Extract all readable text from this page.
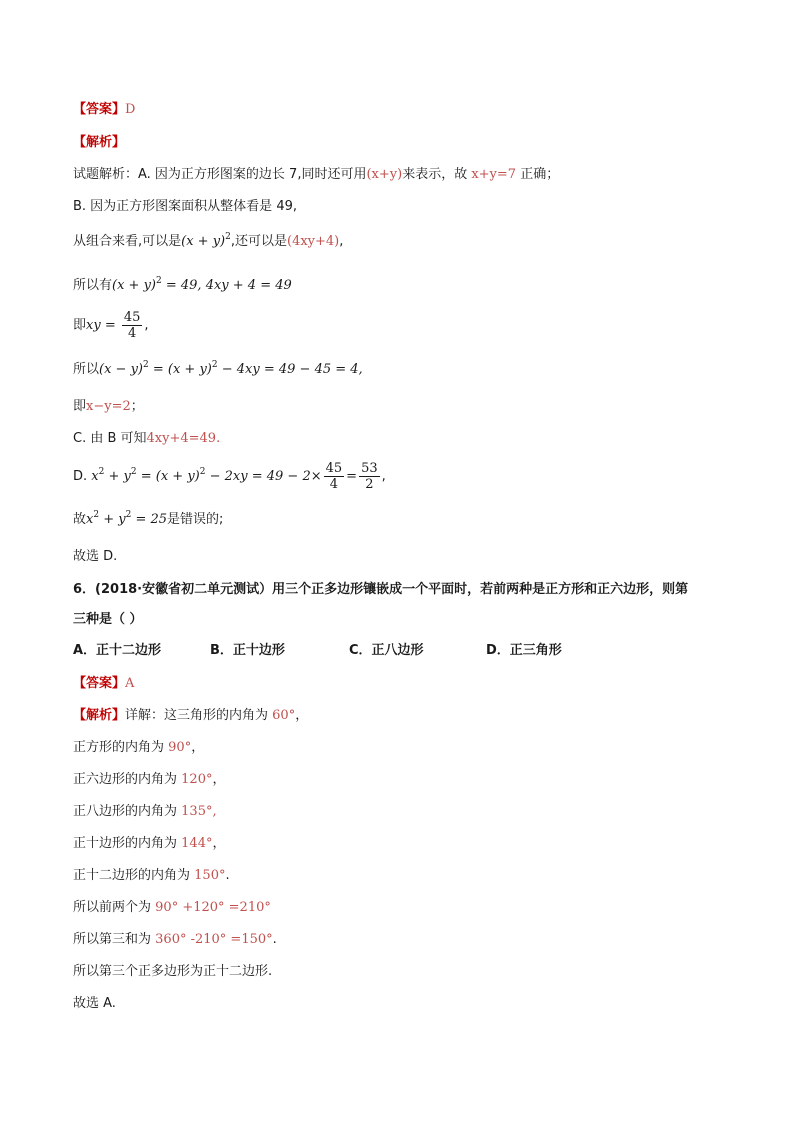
【答案】D
【解析】
试题解析：A. 因为正方形图案的边长 7,同时还可用(x+y)来表示，故 x+y=7 正确；
B. 因为正方形图案面积从整体看是 49,
从组合来看,可以是$(x + y)^2$,还可以是(4xy+4),
所以有$(x + y)^2 = 49$, 4xy + 4 = 49
即xy = $\frac{45}{4}$ ,
所以$(x - y)^2 = (x + y)^2 - 4xy = 49 - 45 = 4$,
即x−y=2；
C. 由 B 可知4xy+4=49.
D. $x^2 + y^2 = (x + y)^2 - 2xy = 49 - 2\times \frac{45}{4} = \frac{53}{2}$ ,
故$x^2 + y^2 = 25$是错误的;
故选 D.
6．(2018·安徽省初二单元测试）用三个正多边形镶嵌成一个平面时，若前两种是正方形和正六边形，则第
三种是（ ）
A．正十二边形	B．正十边形	C．正八边形	D．正三角形
【答案】A
【解析】详解：这三角形的内角为 60°，
正方形的内角为 90°，
正六边形的内角为 120°，
正八边形的内角为 135°,
正十边形的内角为 144°，
正十二边形的内角为 150°.
所以前两个为 90° +120° =210°
所以第三和为 360° -210° =150°.
所以第三个正多边形为正十二边形.
故选 A.
